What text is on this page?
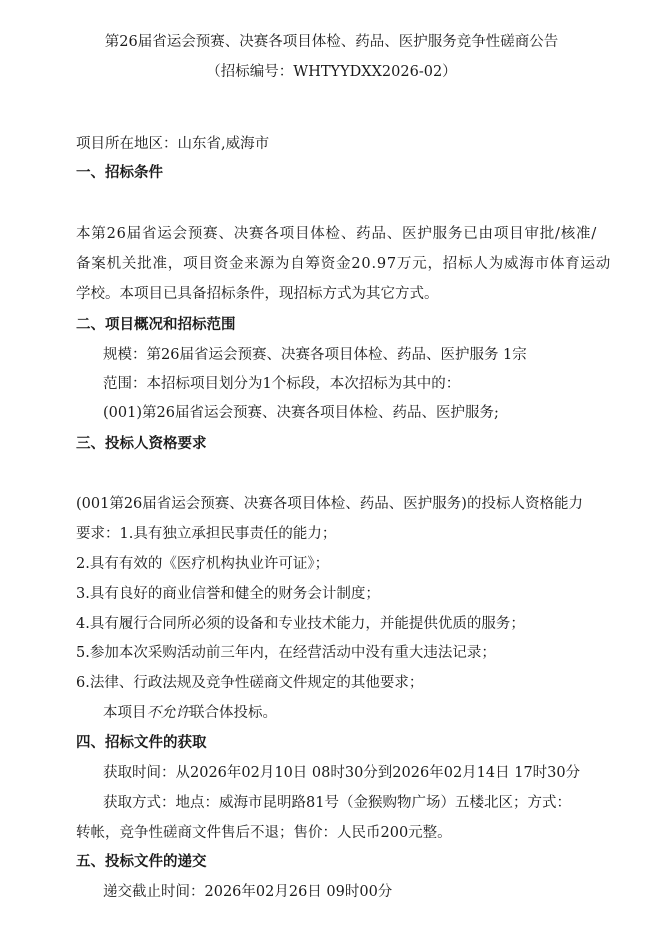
第26届省运会预赛、决赛各项目体检、药品、医护服务竞争性磋商公告
（招标编号：WHTYYDXX2026-02）
项目所在地区：山东省,威海市
一、招标条件
本第26届省运会预赛、决赛各项目体检、药品、医护服务已由项目审批/核准/
备案机关批准，项目资金来源为自筹资金20.97万元，招标人为威海市体育运动
学校。本项目已具备招标条件，现招标方式为其它方式。
二、项目概况和招标范围
规模：第26届省运会预赛、决赛各项目体检、药品、医护服务 1宗
范围：本招标项目划分为1个标段，本次招标为其中的：
(001)第26届省运会预赛、决赛各项目体检、药品、医护服务;
三、投标人资格要求
(001第26届省运会预赛、决赛各项目体检、药品、医护服务)的投标人资格能力
要求：1.具有独立承担民事责任的能力；
2.具有有效的《医疗机构执业许可证》；
3.具有良好的商业信誉和健全的财务会计制度；
4.具有履行合同所必须的设备和专业技术能力，并能提供优质的服务；
5.参加本次采购活动前三年内，在经营活动中没有重大违法记录；
6.法律、行政法规及竞争性磋商文件规定的其他要求；
本项目不允许联合体投标。
四、招标文件的获取
获取时间：从2026年02月10日 08时30分到2026年02月14日 17时30分
获取方式：地点：威海市昆明路81号（金猴购物广场）五楼北区；方式：
转帐，竞争性磋商文件售后不退；售价：人民币200元整。
五、投标文件的递交
递交截止时间：2026年02月26日 09时00分
